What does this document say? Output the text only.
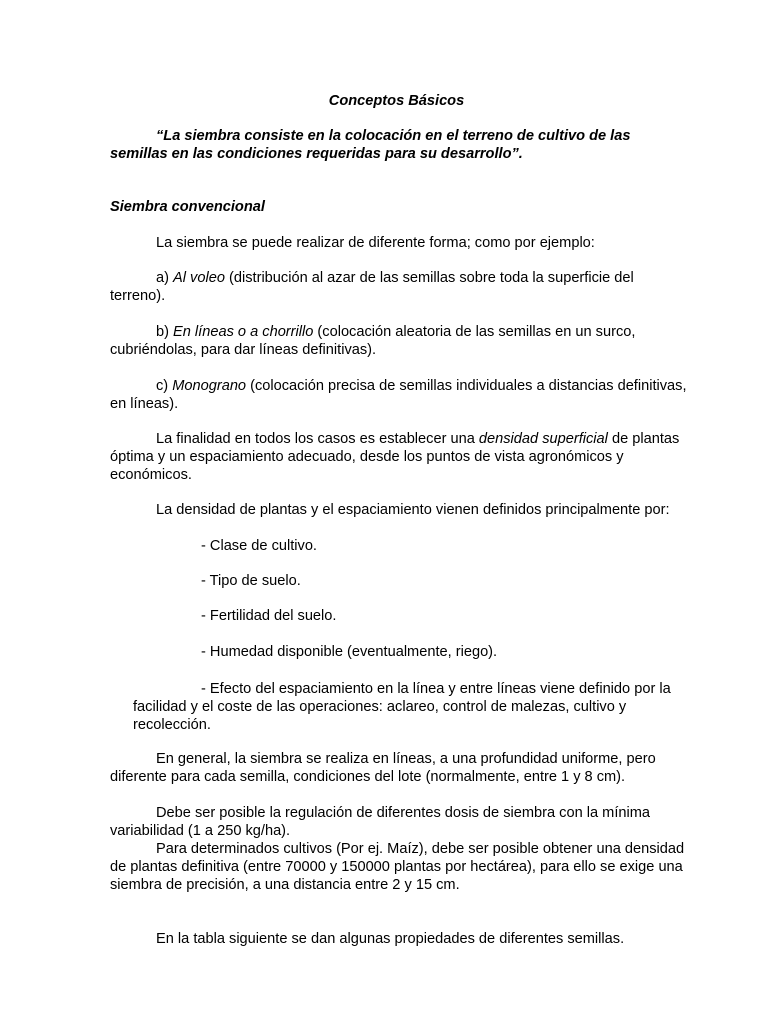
Conceptos Básicos

“La siembra consiste en la colocación en el terreno de cultivo de las semillas en las condiciones requeridas para su desarrollo”.

Siembra convencional

La siembra se puede realizar de diferente forma; como por ejemplo:

a) Al voleo (distribución al azar de las semillas sobre toda la superficie del terreno).

b) En líneas o a chorrillo (colocación aleatoria de las semillas en un surco, cubriéndolas, para dar líneas definitivas).

c) Monograno (colocación precisa de semillas individuales a distancias definitivas, en líneas).

La finalidad en todos los casos es establecer una densidad superficial de plantas óptima y un espaciamiento adecuado, desde los puntos de vista agronómicos y económicos.

La densidad de plantas y el espaciamiento vienen definidos principalmente por:

- Clase de cultivo.

- Tipo de suelo.

- Fertilidad del suelo.

- Humedad disponible (eventualmente, riego).

- Efecto del espaciamiento en la línea y entre líneas viene definido por la facilidad y el coste de las operaciones: aclareo, control de malezas, cultivo y recolección.

En general, la siembra se realiza en líneas, a una profundidad uniforme, pero diferente para cada semilla, condiciones del lote (normalmente, entre 1 y 8 cm).

Debe ser posible la regulación de diferentes dosis de siembra con la mínima variabilidad (1 a 250 kg/ha).

Para determinados cultivos (Por ej. Maíz), debe ser posible obtener una densidad de plantas definitiva (entre 70000 y 150000 plantas por hectárea), para ello se exige una siembra de precisión, a una distancia entre 2 y 15 cm.

En la tabla siguiente se dan algunas propiedades de diferentes semillas.
